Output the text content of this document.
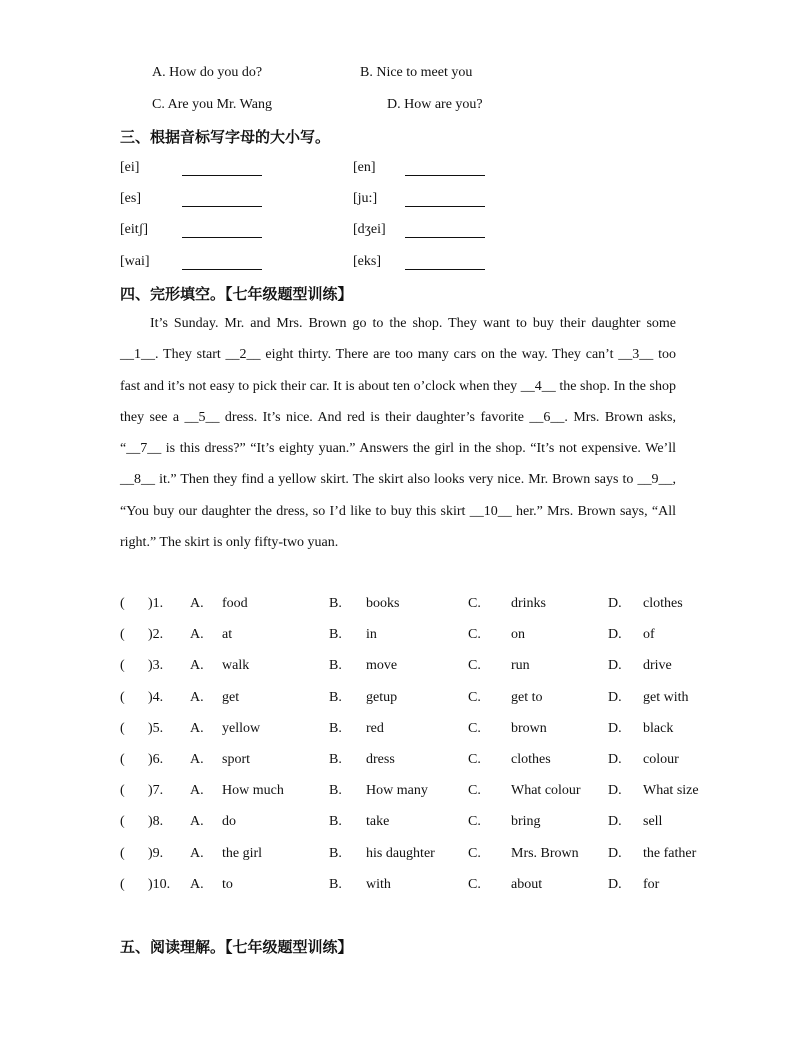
A. How do you do?	B. Nice to meet you
C. Are you Mr. Wang	D. How are you?
三、根据音标写字母的大小写。
[ei]	[en]
[es]	[ju:]
[eitʃ]	[dʒei]
[wai]	[eks]
四、完形填空。【七年级题型训练】

It’s Sunday. Mr. and Mrs. Brown go to the shop. They want to buy their daughter some __1__. They start __2__ eight thirty. There are too many cars on the way. They can’t __3__ too fast and it’s not easy to pick their car. It is about ten o’clock when they __4__ the shop. In the shop they see a __5__ dress. It’s nice. And red is their daughter’s favorite __6__. Mrs. Brown asks, “__7__ is this dress?” “It’s eighty yuan.” Answers the girl in the shop. “It’s not expensive. We’ll __8__ it.” Then they find a yellow skirt. The skirt also looks very nice. Mr. Brown says to __9__, “You buy our daughter the dress, so I’d like to buy this skirt __10__ her.” Mrs. Brown says, “All right.” The skirt is only fifty-two yuan.

( )1. A. food	B. books	C. drinks	D. clothes
( )2. A. at	B. in	C. on	D. of
( )3. A. walk	B. move	C. run	D. drive
( )4. A. get	B. getup	C. get to	D. get with
( )5. A. yellow	B. red	C. brown	D. black
( )6. A. sport	B. dress	C. clothes	D. colour
( )7. A. How much	B. How many	C. What colour D. What size
( )8. A. do	B. take	C. bring	D. sell
( )9. A. the girl	B. his daughter C. Mrs. Brown D. the father
( )10. A. to	B. with	C. about	D. for
五、阅读理解。【七年级题型训练】
